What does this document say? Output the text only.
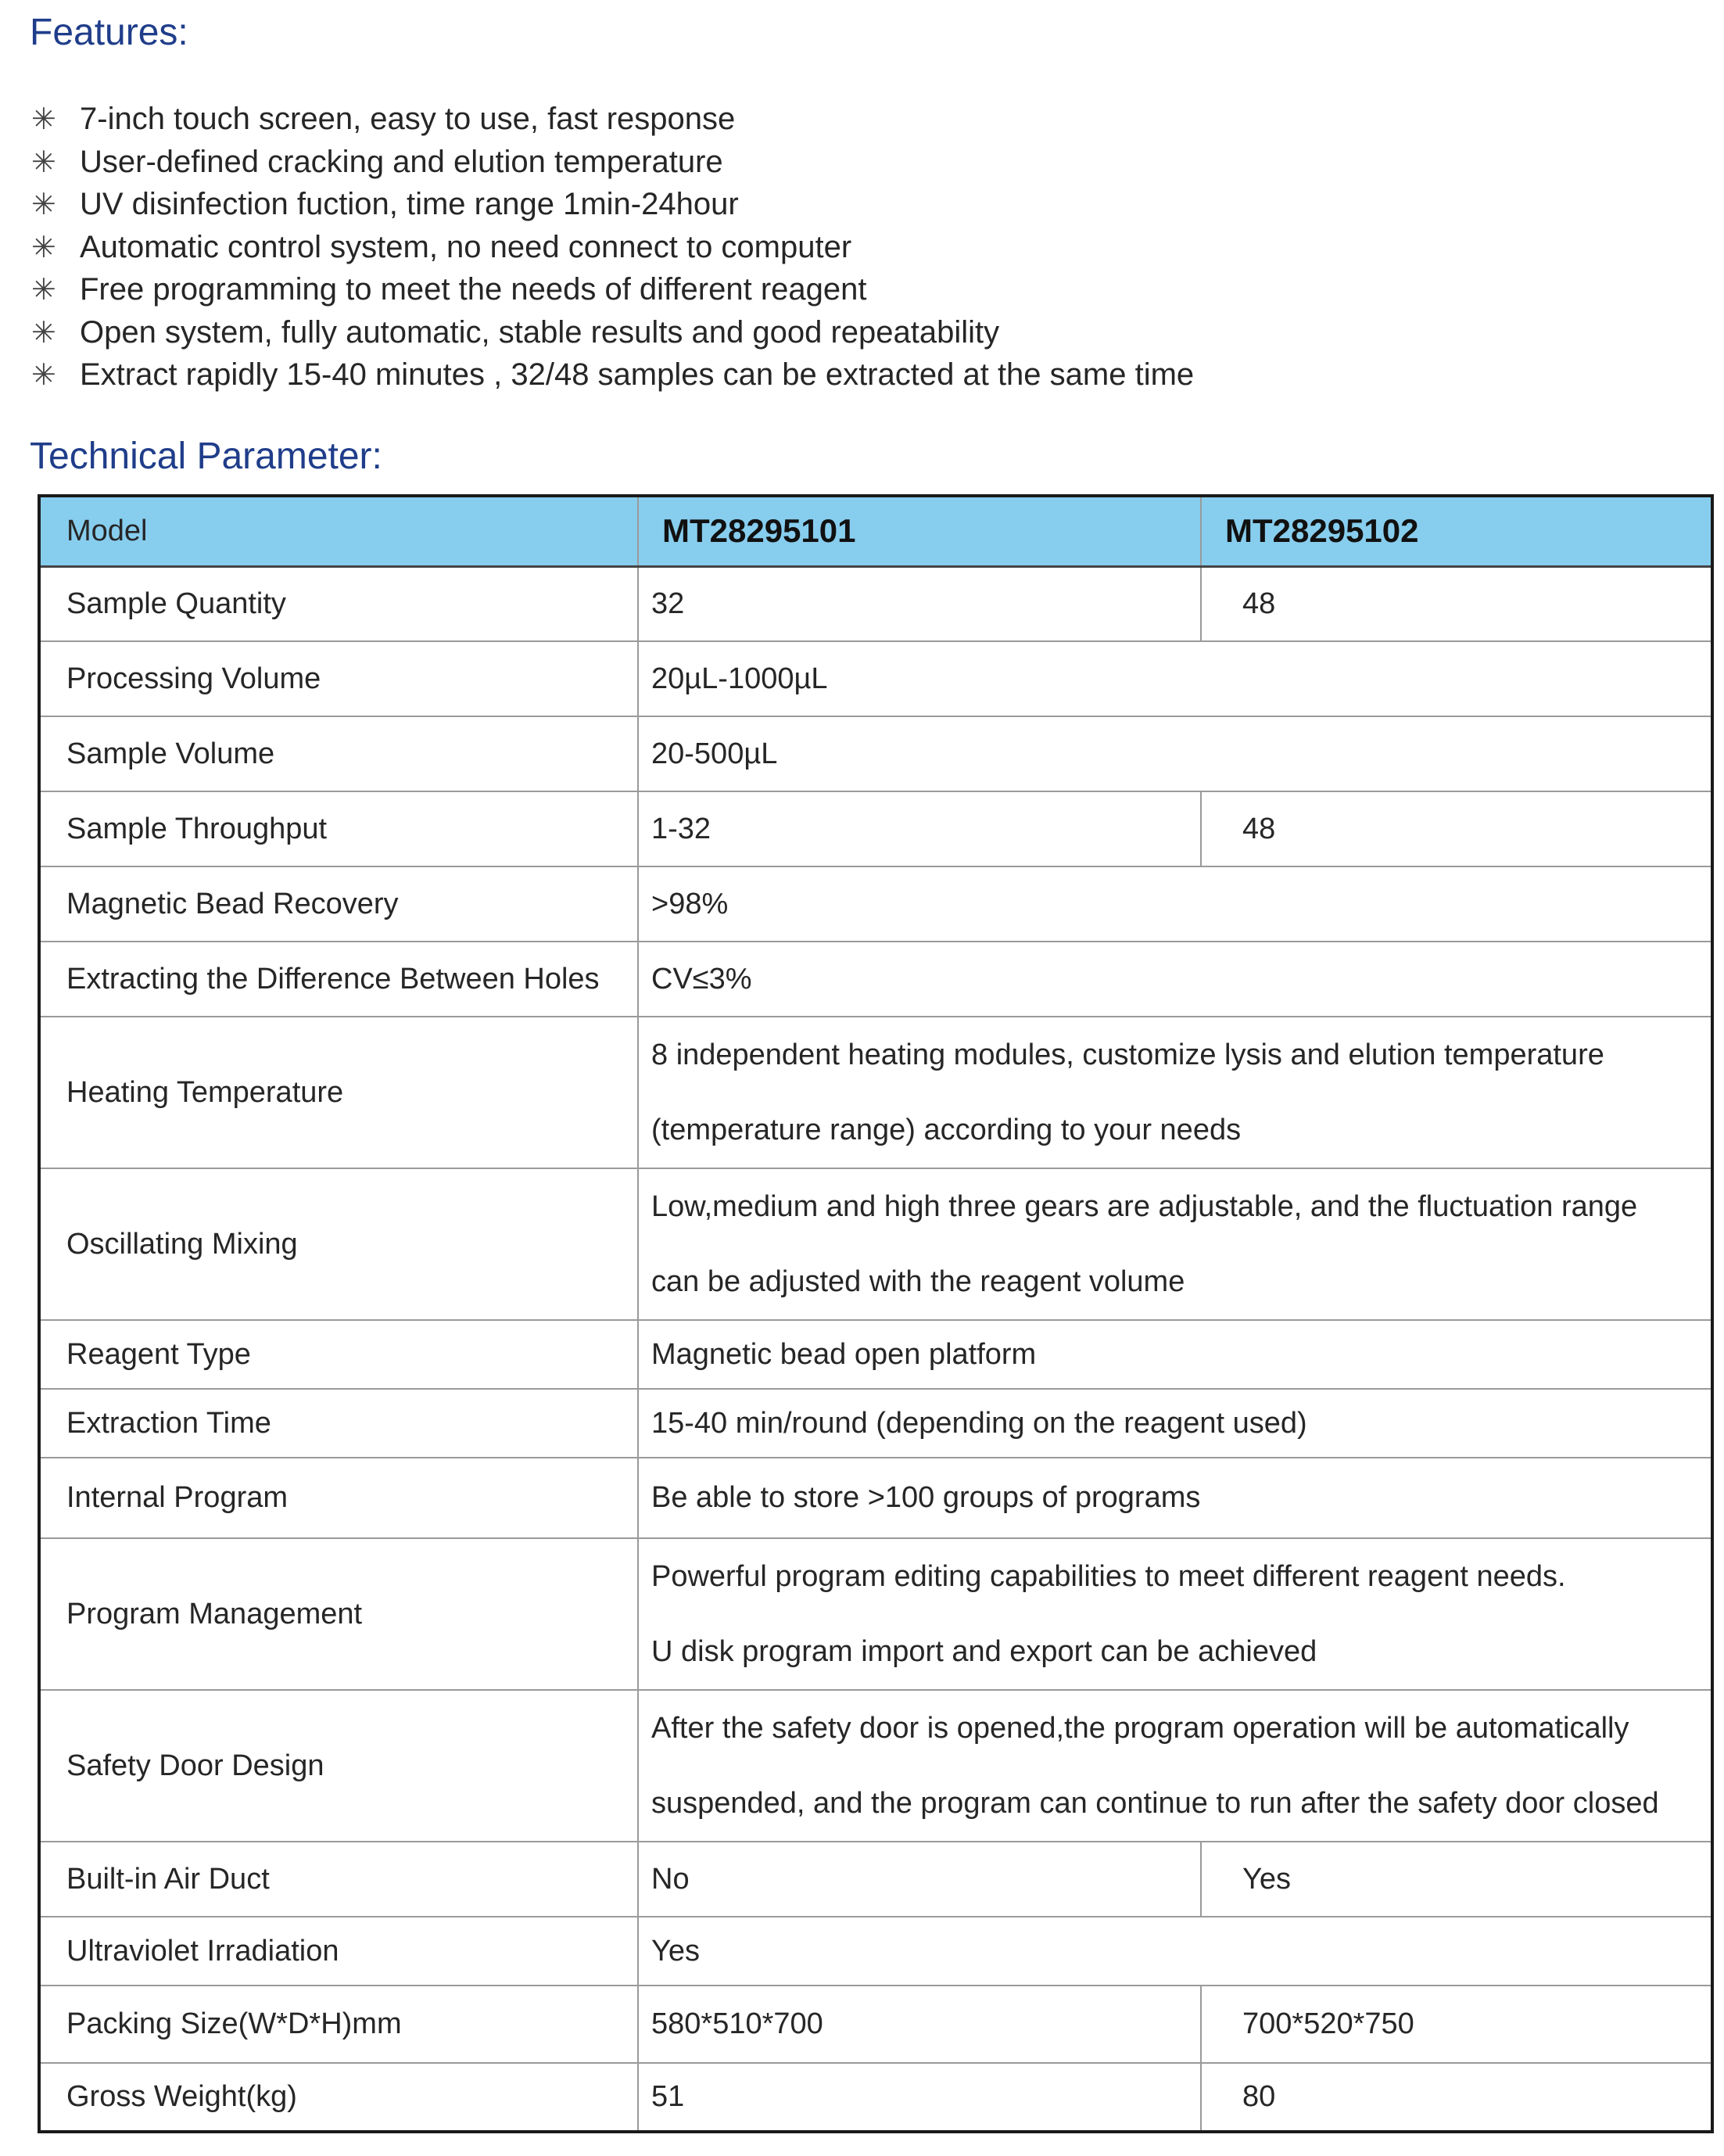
Features:
✳ 7-inch touch screen, easy to use, fast response
✳ User-defined cracking and elution temperature
✳ UV disinfection fuction, time range 1min-24hour
✳ Automatic control system, no need connect to computer
✳ Free programming to meet the needs of different reagent
✳ Open system, fully automatic, stable results and good repeatability
✳ Extract rapidly 15-40 minutes , 32/48 samples can be extracted at the same time
Technical Parameter:
Model	MT28295101	MT28295102
Sample Quantity	32	48
Processing Volume	20µL-1000µL	
Sample Volume	20-500µL	
Sample Throughput	1-32	48
Magnetic Bead Recovery	>98%	
Extracting the Difference Between Holes	CV≤3%	
Heating Temperature	8 independent heating modules, customize lysis and elution temperature
(temperature range) according to your needs	

Oscillating Mixing	Low,medium and high three gears are adjustable, and the fluctuation range
can be adjusted with the reagent volume	

Reagent Type	Magnetic bead open platform	
Extraction Time	15-40 min/round (depending on the reagent used)	
Internal Program	Be able to store >100 groups of programs	
Program Management	Powerful program editing capabilities to meet different reagent needs.
U disk program import and export can be achieved	

Safety Door Design	After the safety door is opened,the program operation will be automatically
suspended, and the program can continue to run after the safety door closed	

Built-in Air Duct	No	Yes
Ultraviolet Irradiation	Yes	
Packing Size(W*D*H)mm	580*510*700	700*520*750
Gross Weight(kg)	51	80
